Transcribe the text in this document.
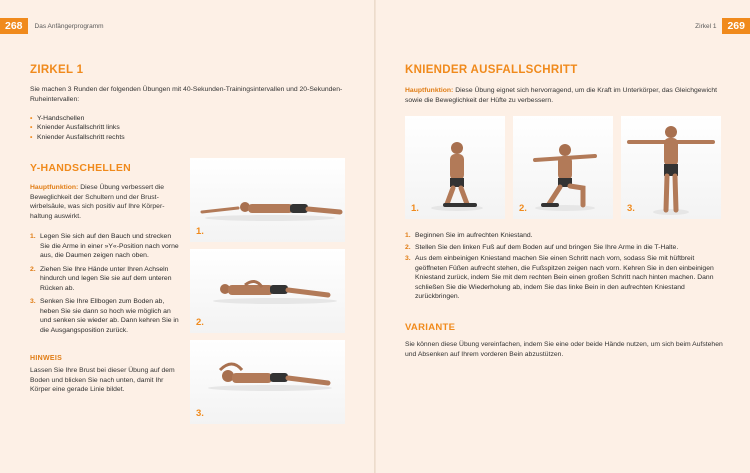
268	Das Anfängerprogramm
ZIRKEL 1
Sie machen 3 Runden der folgenden Übungen mit 40-Sekunden-Trainingsintervallen und 20-Sekunden-Ruheintervallen:
• Y-Handschellen
• Kniender Ausfallschritt links
• Kniender Ausfallschritt rechts
Y-HANDSCHELLEN
Hauptfunktion: Diese Übung verbessert die Beweglichkeit der Schultern und der Brustwirbelsäule, was sich positiv auf Ihre Körperhaltung auswirkt.
1. Legen Sie sich auf den Bauch und strecken Sie die Arme in einer »Y«-Position nach vorne aus, die Daumen zeigen nach oben.
2. Ziehen Sie Ihre Hände unter Ihren Achseln hindurch und legen Sie sie auf dem unteren Rücken ab.
3. Senken Sie Ihre Ellbogen zum Boden ab, heben Sie sie dann so hoch wie möglich an und senken sie wieder ab. Dann kehren Sie in die Ausgangsposition zurück.
HINWEIS
Lassen Sie Ihre Brust bei dieser Übung auf dem Boden und blicken Sie nach unten, damit Ihr Körper eine gerade Linie bildet.
1.
2.
3.
Zirkel 1	269
KNIENDER AUSFALLSCHRITT
Hauptfunktion: Diese Übung eignet sich hervorragend, um die Kraft im Unterkörper, das Gleichgewicht sowie die Beweglichkeit der Hüfte zu verbessern.
1.	2.	3.
1. Beginnen Sie im aufrechten Kniestand.
2. Stellen Sie den linken Fuß auf dem Boden auf und bringen Sie Ihre Arme in die T-Halte.
3. Aus dem einbeinigen Kniestand machen Sie einen Schritt nach vorn, sodass Sie mit hüftbreit geöffneten Füßen aufrecht stehen, die Fußspitzen zeigen nach vorn. Kehren Sie in den einbeinigen Kniestand zurück, indem Sie mit dem rechten Bein einen großen Schritt nach hinten machen. Dann schließen Sie die Wiederholung ab, indem Sie das linke Bein in den aufrechten Kniestand zurückbringen.
VARIANTE
Sie können diese Übung vereinfachen, indem Sie eine oder beide Hände nutzen, um sich beim Aufstehen und Absenken auf Ihrem vorderen Bein abzustützen.
